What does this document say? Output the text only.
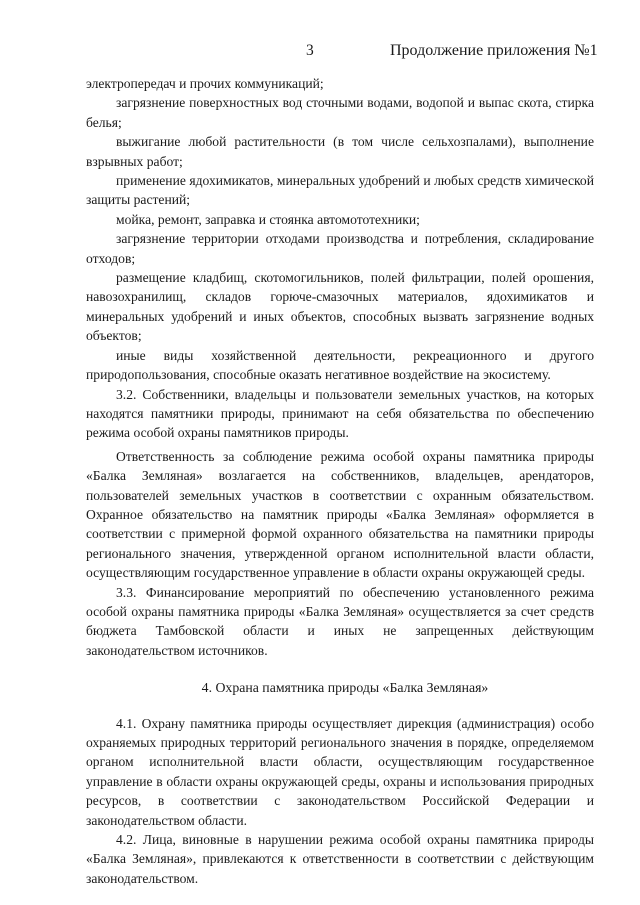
3	Продолжение приложения №1

электропередач и прочих коммуникаций;

загрязнение поверхностных вод сточными водами, водопой и выпас скота, стирка белья;

выжигание любой растительности (в том числе сельхозпалами), выполнение взрывных работ;

применение ядохимикатов, минеральных удобрений и любых средств химической защиты растений;

мойка, ремонт, заправка и стоянка автомототехники;

загрязнение территории отходами производства и потребления, складирование отходов;

размещение кладбищ, скотомогильников, полей фильтрации, полей орошения, навозохранилищ, складов горюче-смазочных материалов, ядохимикатов и минеральных удобрений и иных объектов, способных вызвать загрязнение водных объектов;

иные виды хозяйственной деятельности, рекреационного и другого природопользования, способные оказать негативное воздействие на экосистему.

3.2. Собственники, владельцы и пользователи земельных участков, на которых находятся памятники природы, принимают на себя обязательства по обеспечению режима особой охраны памятников природы.

Ответственность за соблюдение режима особой охраны памятника природы «Балка Земляная» возлагается на собственников, владельцев, арендаторов, пользователей земельных участков в соответствии с охранным обязательством. Охранное обязательство на памятник природы «Балка Земляная» оформляется в соответствии с примерной формой охранного обязательства на памятники природы регионального значения, утвержденной органом исполнительной власти области, осуществляющим государственное управление в области охраны окружающей среды.

3.3. Финансирование мероприятий по обеспечению установленного режима особой охраны памятника природы «Балка Земляная» осуществляется за счет средств бюджета Тамбовской области и иных не запрещенных действующим законодательством источников.

4. Охрана памятника природы «Балка Земляная»

4.1. Охрану памятника природы осуществляет дирекция (администрация) особо охраняемых природных территорий регионального значения в порядке, определяемом органом исполнительной власти области, осуществляющим государственное управление в области охраны окружающей среды, охраны и использования природных ресурсов, в соответствии с законодательством Российской Федерации и законодательством области.

4.2. Лица, виновные в нарушении режима особой охраны памятника природы «Балка Земляная», привлекаются к ответственности в соответствии с действующим законодательством.
